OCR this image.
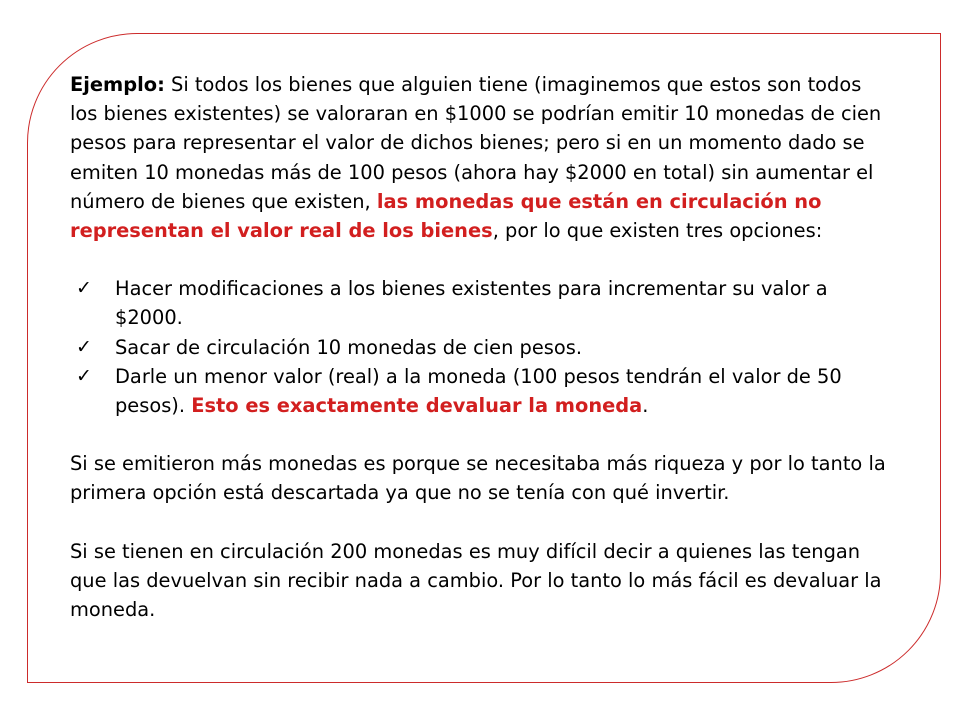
Ejemplo: Si todos los bienes que alguien tiene (imaginemos que estos son todos los bienes existentes) se valoraran en $1000 se podrían emitir 10 monedas de cien pesos para representar el valor de dichos bienes; pero si en un momento dado se emiten 10 monedas más de 100 pesos (ahora hay $2000 en total) sin aumentar el número de bienes que existen, las monedas que están en circulación no representan el valor real de los bienes, por lo que existen tres opciones:

✓ Hacer modificaciones a los bienes existentes para incrementar su valor a $2000.
✓ Sacar de circulación 10 monedas de cien pesos.
✓ Darle un menor valor (real) a la moneda (100 pesos tendrán el valor de 50 pesos). Esto es exactamente devaluar la moneda.

Si se emitieron más monedas es porque se necesitaba más riqueza y por lo tanto la primera opción está descartada ya que no se tenía con qué invertir.

Si se tienen en circulación 200 monedas es muy difícil decir a quienes las tengan que las devuelvan sin recibir nada a cambio. Por lo tanto lo más fácil es devaluar la moneda.
